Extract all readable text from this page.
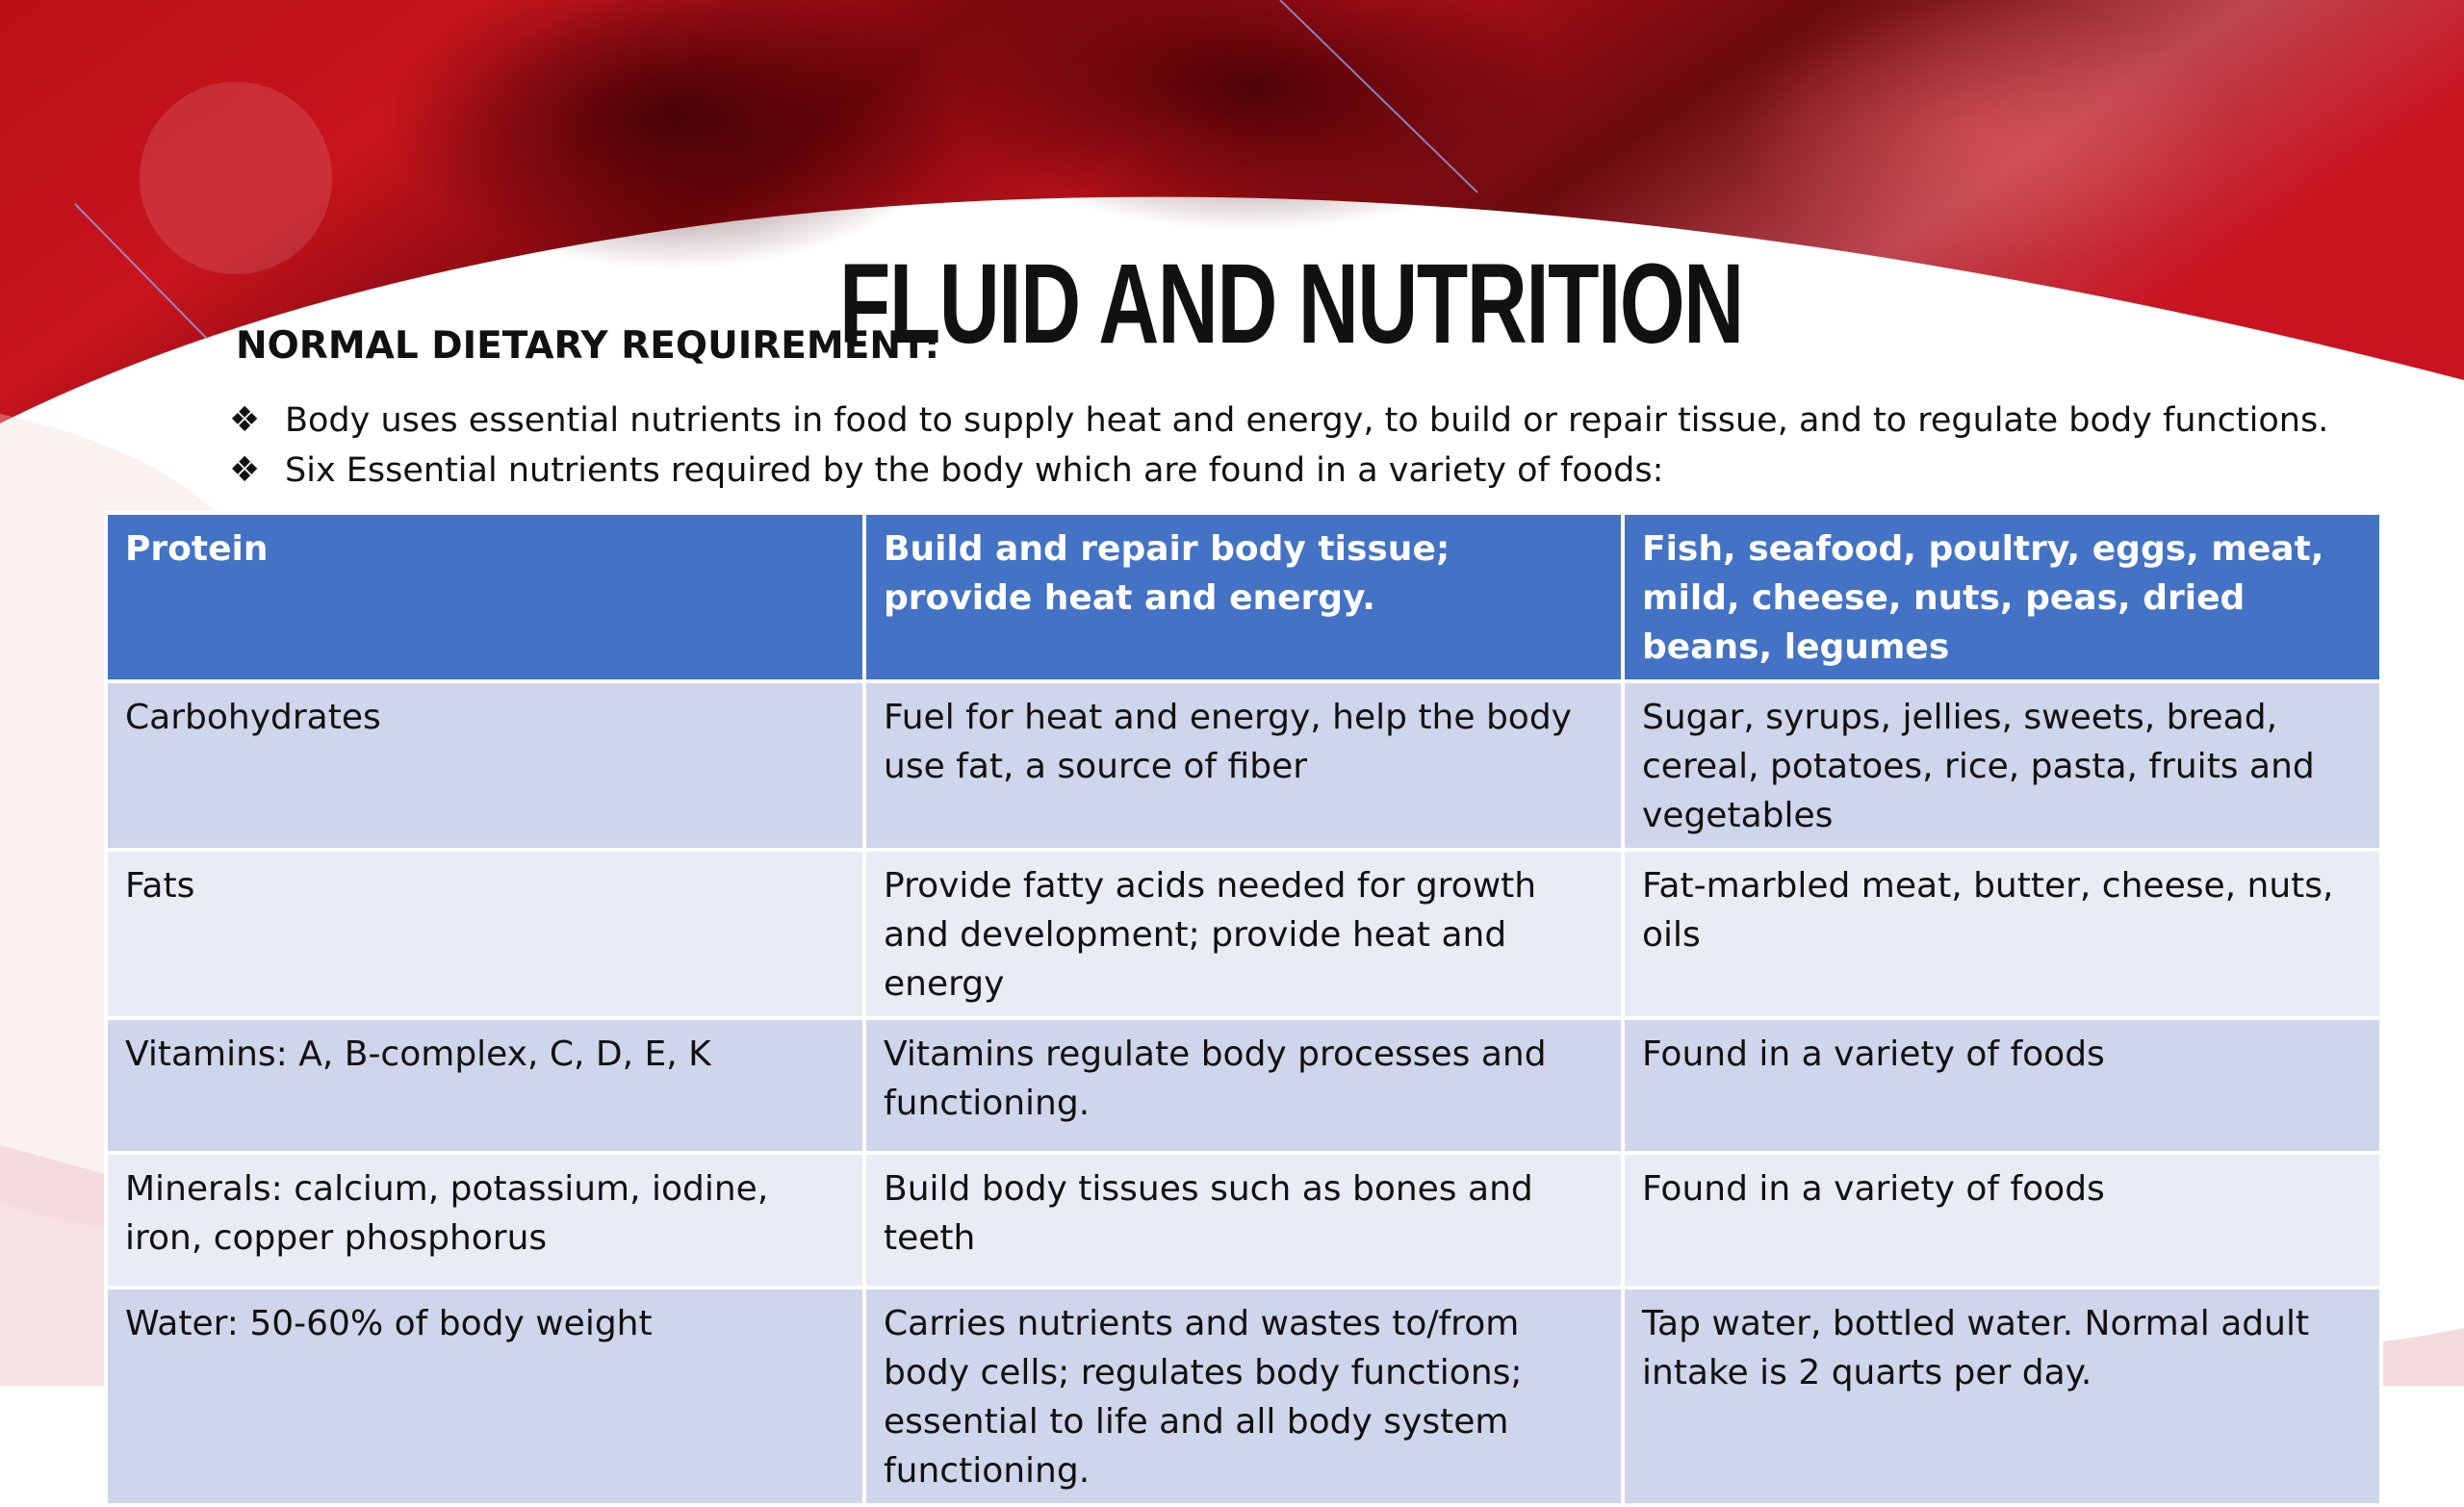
FLUID AND NUTRITION
NORMAL DIETARY REQUIREMENT:
❖ Body uses essential nutrients in food to supply heat and energy, to build or repair tissue, and to regulate body functions.
❖ Six Essential nutrients required by the body which are found in a variety of foods:
Protein	Build and repair body tissue; provide heat and energy.	Fish, seafood, poultry, eggs, meat, mild, cheese, nuts, peas, dried beans, legumes
Carbohydrates	Fuel for heat and energy, help the body use fat, a source of fiber	Sugar, syrups, jellies, sweets, bread, cereal, potatoes, rice, pasta, fruits and vegetables
Fats	Provide fatty acids needed for growth and development; provide heat and energy	Fat-marbled meat, butter, cheese, nuts, oils
Vitamins: A, B-complex, C, D, E, K	Vitamins regulate body processes and functioning.	Found in a variety of foods
Minerals: calcium, potassium, iodine, iron, copper phosphorus	Build body tissues such as bones and teeth	Found in a variety of foods
Water: 50-60% of body weight	Carries nutrients and wastes to/from body cells; regulates body functions; essential to life and all body system functioning.	Tap water, bottled water. Normal adult intake is 2 quarts per day.
